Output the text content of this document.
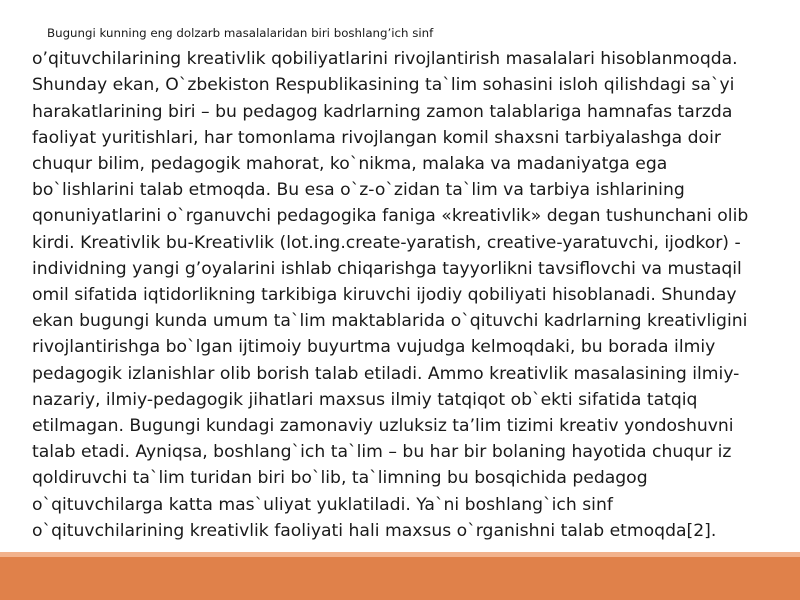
Bugungi kunning eng dolzarb masalalaridan biri boshlang’ich sinf
o’qituvchilarining kreativlik qobiliyatlarini rivojlantirish masalalari hisoblanmoqda.
Shunday ekan, O`zbekiston Respublikasining ta`lim sohasini isloh qilishdagi sa`yi
harakatlarining biri – bu pedagog kadrlarning zamon talablariga hamnafas tarzda
faoliyat yuritishlari, har tomonlama rivojlangan komil shaxsni tarbiyalashga doir
chuqur bilim, pedagogik mahorat, ko`nikma, malaka va madaniyatga ega
bo`lishlarini talab etmoqda. Bu esa o`z-o`zidan ta`lim va tarbiya ishlarining
qonuniyatlarini o`rganuvchi pedagogika faniga «kreativlik» degan tushunchani olib
kirdi. Kreativlik bu-Kreativlik (lot.ing.create-yaratish, creative-yaratuvchi, ijodkor) -
individning yangi g’oyalarini ishlab chiqarishga tayyorlikni tavsiflovchi va mustaqil
omil sifatida iqtidorlikning tarkibiga kiruvchi ijodiy qobiliyati hisoblanadi. Shunday
ekan bugungi kunda umum ta`lim maktablarida o`qituvchi kadrlarning kreativligini
rivojlantirishga bo`lgan ijtimoiy buyurtma vujudga kelmoqdaki, bu borada ilmiy
pedagogik izlanishlar olib borish talab etiladi. Ammo kreativlik masalasining ilmiy-
nazariy, ilmiy-pedagogik jihatlari maxsus ilmiy tatqiqot ob`ekti sifatida tatqiq
etilmagan. Bugungi kundagi zamonaviy uzluksiz ta’lim tizimi kreativ yondoshuvni
talab etadi. Ayniqsa, boshlang`ich ta`lim – bu har bir bolaning hayotida chuqur iz
qoldiruvchi ta`lim turidan biri bo`lib, ta`limning bu bosqichida pedagog
o`qituvchilarga katta mas`uliyat yuklatiladi. Ya`ni boshlang`ich sinf
o`qituvchilarining kreativlik faoliyati hali maxsus o`rganishni talab etmoqda[2].
